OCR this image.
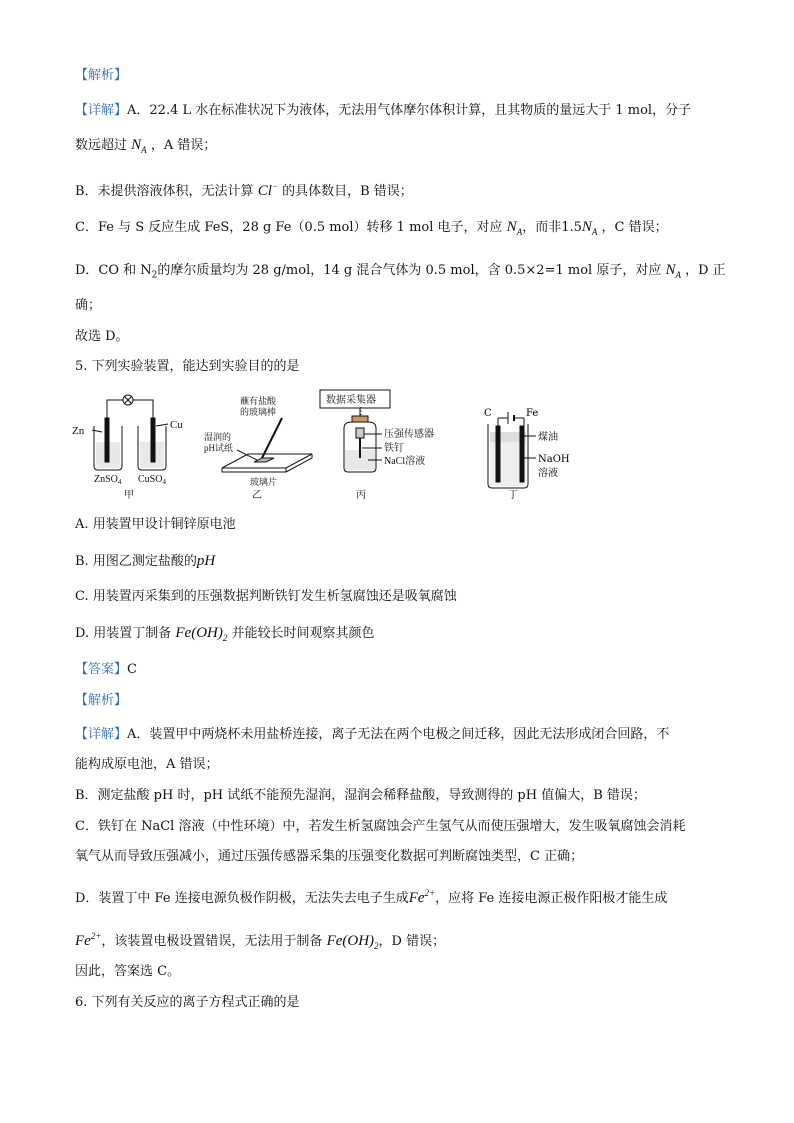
【解析】
【详解】A．22.4 L 水在标准状况下为液体，无法用气体摩尔体积计算，且其物质的量远大于 1 mol，分子
数远超过 $N_A$ ，A 错误；
B．未提供溶液体积，无法计算 Cl− 的具体数目，B 错误；
C．Fe 与 S 反应生成 FeS，28 g Fe（0.5 mol）转移 1 mol 电子，对应 $N_A$，而非$1.5N_A$ ，C 错误；
D．CO 和 $N_2$的摩尔质量均为 28 g/mol，14 g 混合气体为 0.5 mol，含 0.5×2=1 mol 原子，对应 $N_A$ ，D 正
确；
故选 D。
5. 下列实验装置，能达到实验目的的是
Zn	Cu
ZnSO$_4$ CuSO$_4$
甲
蘸有盐酸
的玻璃棒
湿润的
pH试纸
玻璃片
乙
数据采集器
⋮
压强传感器
铁钉
NaCl溶液
丙
C	Fe
煤油
NaOH
溶液
丁
A. 用装置甲设计铜锌原电池
B. 用图乙测定盐酸的pH
C. 用装置丙采集到的压强数据判断铁钉发生析氢腐蚀还是吸氧腐蚀
D. 用装置丁制备 $Fe(OH)_2$ 并能较长时间观察其颜色
【答案】C
【解析】
【详解】A．装置甲中两烧杯未用盐桥连接，离子无法在两个电极之间迁移，因此无法形成闭合回路，不
能构成原电池，A 错误；
B．测定盐酸 pH 时，pH 试纸不能预先湿润，湿润会稀释盐酸，导致测得的 pH 值偏大，B 错误；
C．铁钉在 NaCl 溶液（中性环境）中，若发生析氢腐蚀会产生氢气从而使压强增大，发生吸氧腐蚀会消耗
氧气从而导致压强减小，通过压强传感器采集的压强变化数据可判断腐蚀类型，C 正确；
D．装置丁中 Fe 连接电源负极作阴极，无法失去电子生成$Fe^{2+}$，应将 Fe 连接电源正极作阳极才能生成
$Fe^{2+}$，该装置电极设置错误，无法用于制备 $Fe(OH)_2$，D 错误；
因此，答案选 C。
6. 下列有关反应的离子方程式正确的是
